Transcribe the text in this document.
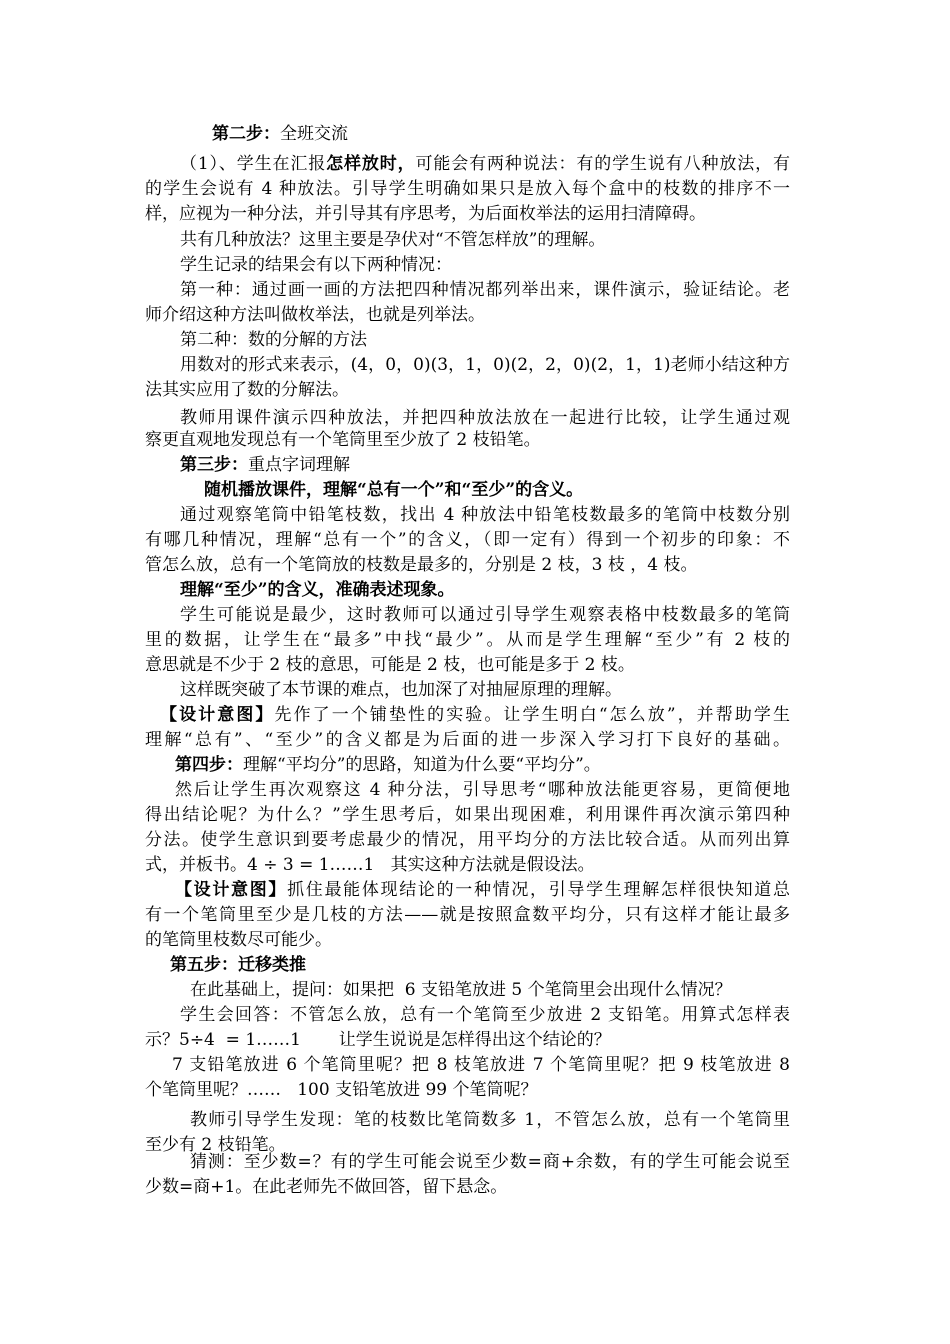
第二步：全班交流
（1）、学生在汇报怎样放时，可能会有两种说法：有的学生说有八种放法，有
的学生会说有 4 种放法。引导学生明确如果只是放入每个盒中的枝数的排序不一
样，应视为一种分法，并引导其有序思考，为后面枚举法的运用扫清障碍。
共有几种放法？这里主要是孕伏对“不管怎样放”的理解。
学生记录的结果会有以下两种情况：
第一种：通过画一画的方法把四种情况都列举出来，课件演示，验证结论。老
师介绍这种方法叫做枚举法，也就是列举法。
第二种：数的分解的方法
用数对的形式来表示，(4，0，0)(3，1，0)(2，2，0)(2，1，1)老师小结这种方
法其实应用了数的分解法。
教师用课件演示四种放法，并把四种放法放在一起进行比较，让学生通过观
察更直观地发现总有一个笔筒里至少放了 2 枝铅笔。
第三步：重点字词理解
随机播放课件，理解“总有一个”和“至少”的含义。
通过观察笔筒中铅笔枝数，找出 4 种放法中铅笔枝数最多的笔筒中枝数分别
有哪几种情况，理解“总有一个”的含义，（即一定有）得到一个初步的印象：不
管怎么放，总有一个笔筒放的枝数是最多的，分别是 2 枝，3 枝 ，4 枝。
理解“至少”的含义，准确表述现象。
学生可能说是最少，这时教师可以通过引导学生观察表格中枝数最多的笔筒
里的数据，让学生在“最多”中找“最少”。从而是学生理解“至少”有 2 枝的
意思就是不少于 2 枝的意思，可能是 2 枝，也可能是多于 2 枝。
这样既突破了本节课的难点，也加深了对抽屉原理的理解。
【设计意图】先作了一个铺垫性的实验。让学生明白“怎么放”，并帮助学生
理解“总有”、“至少”的含义都是为后面的进一步深入学习打下良好的基础。
第四步：理解“平均分”的思路，知道为什么要“平均分”。
然后让学生再次观察这 4 种分法，引导思考“哪种放法能更容易，更简便地
得出结论呢？为什么？”学生思考后，如果出现困难，利用课件再次演示第四种
分法。使学生意识到要考虑最少的情况，用平均分的方法比较合适。从而列出算
式，并板书。4 ÷ 3 = 1……1   其实这种方法就是假设法。
【设计意图】抓住最能体现结论的一种情况，引导学生理解怎样很快知道总
有一个笔筒里至少是几枝的方法——就是按照盒数平均分，只有这样才能让最多
的笔筒里枝数尽可能少。
第五步：迁移类推
在此基础上，提问：如果把  6 支铅笔放进 5 个笔筒里会出现什么情况？
学生会回答：不管怎么放，总有一个笔筒至少放进 2 支铅笔。用算式怎样表
示？5÷4  = 1……1       让学生说说是怎样得出这个结论的？
7 支铅笔放进 6 个笔筒里呢？把 8 枝笔放进 7 个笔筒里呢？把 9 枝笔放进 8
个笔筒里呢？……   100 支铅笔放进 99 个笔筒呢？
教师引导学生发现：笔的枝数比笔筒数多 1，不管怎么放，总有一个笔筒里
至少有 2 枝铅笔。
猜测：至少数=？有的学生可能会说至少数=商+余数，有的学生可能会说至
少数=商+1。在此老师先不做回答，留下悬念。
